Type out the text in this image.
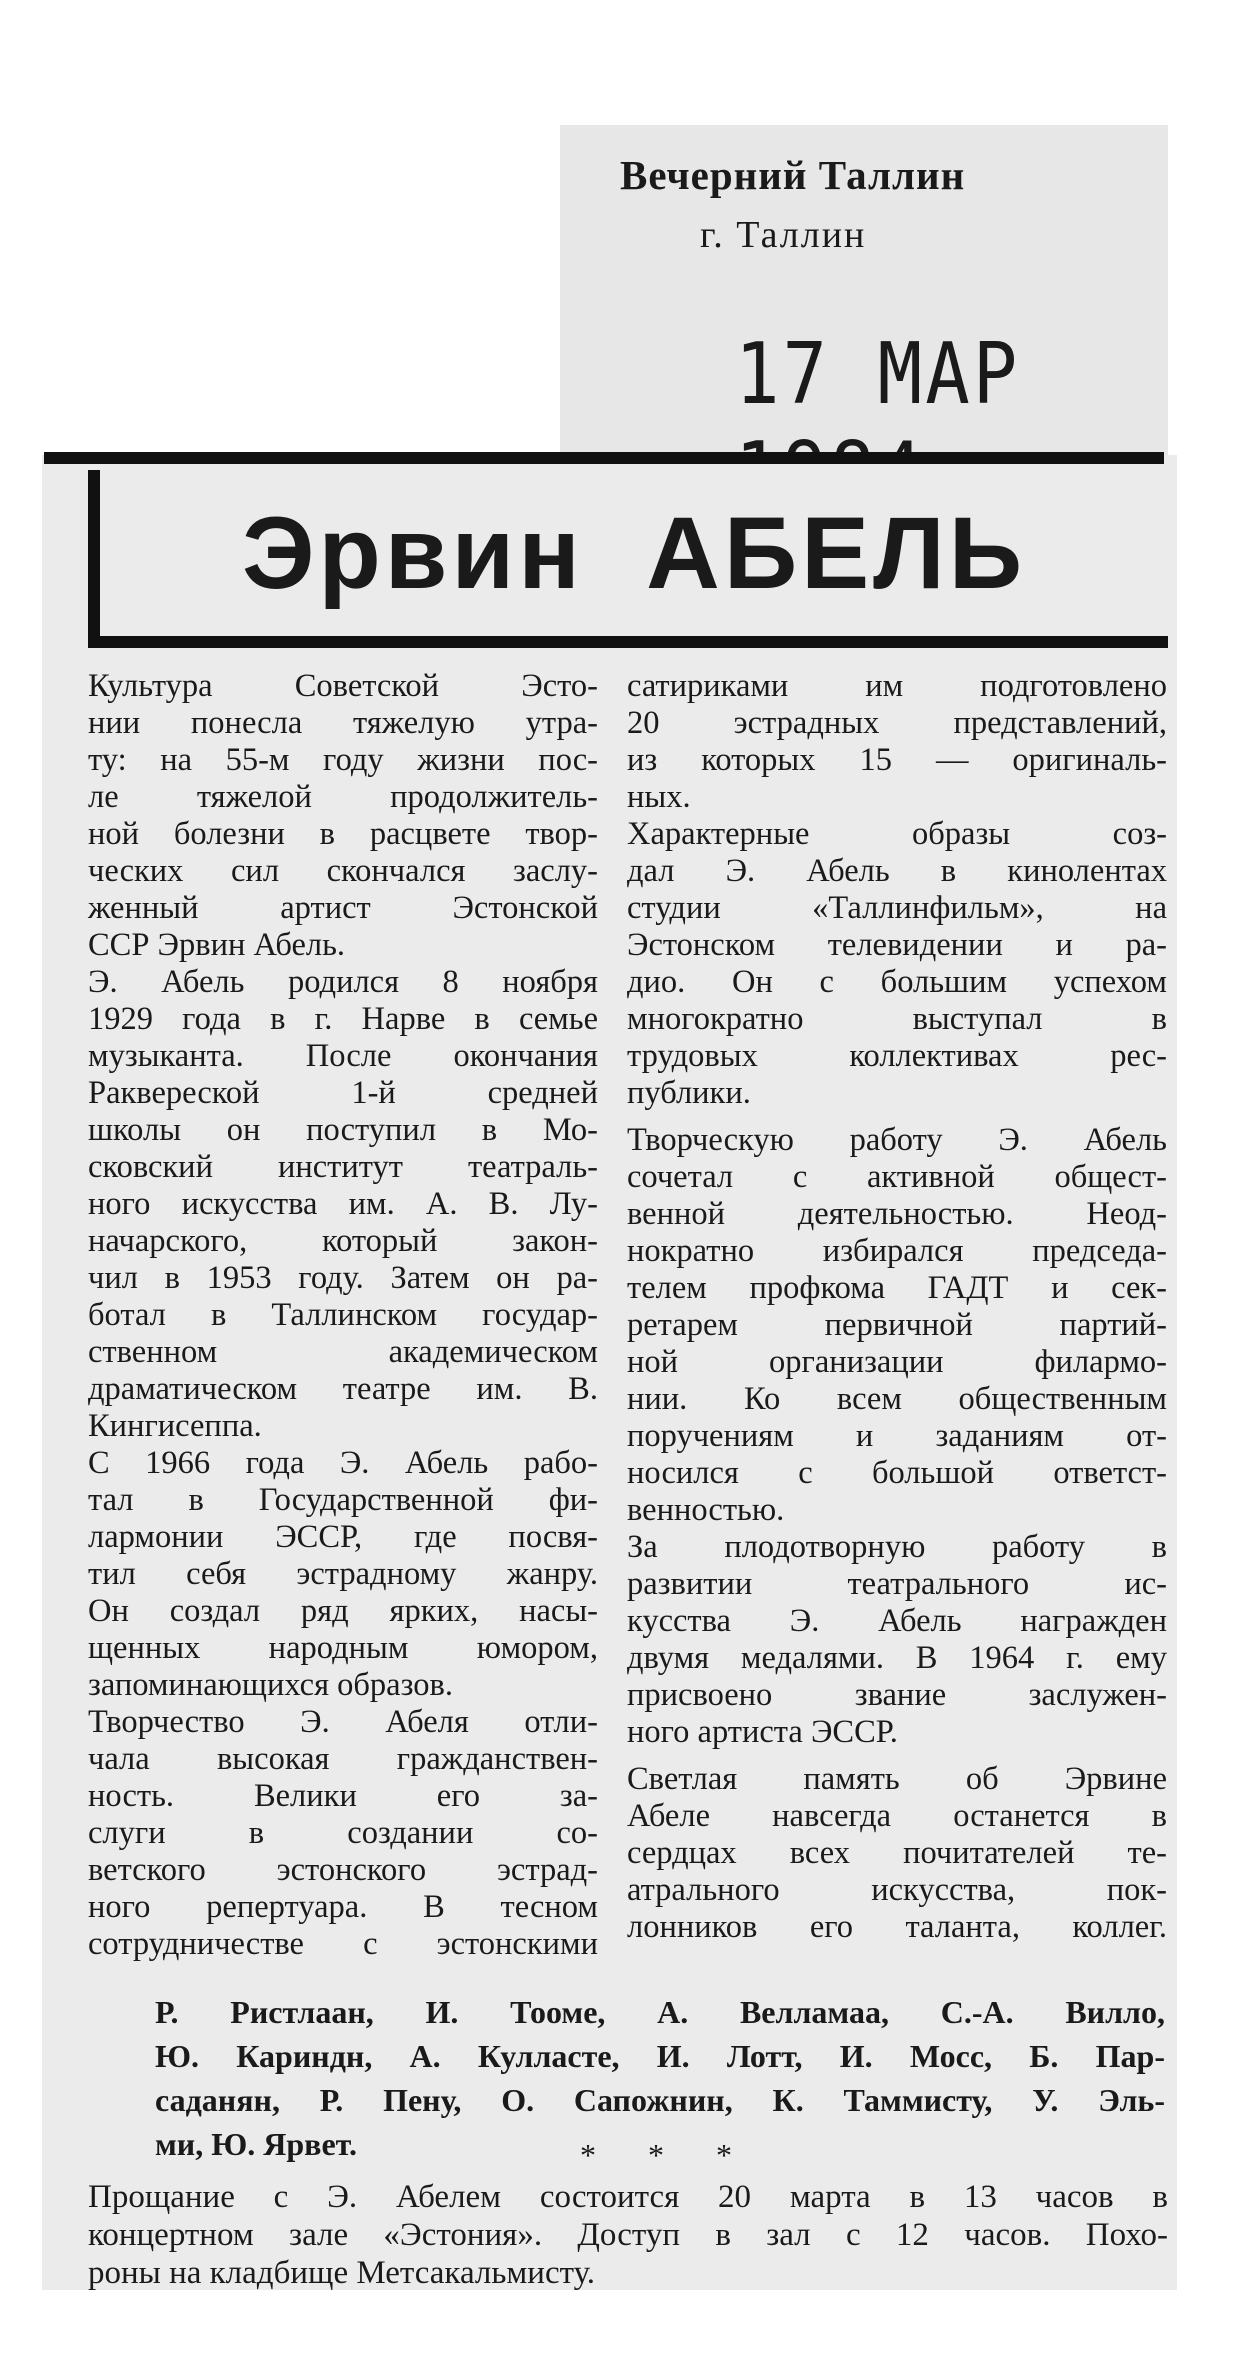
Вечерний Таллин
г. Таллин
17 МАР
Эрвин АБЕЛЬ
Культура Советской Эсто-
нии понесла тяжелую утра-
ту: на 55-м году жизни пос-
ле тяжелой продолжитель-
ной болезни в расцвете твор-
ческих сил скончался заслу-
женный артист Эстонской
ССР Эрвин Абель.
Э. Абель родился 8 ноября
1929 года в г. Нарве в семье
музыканта. После окончания
Раквереской 1-й средней
школы он поступил в Мо-
сковский институт театраль-
ного искусства им. А. В. Лу-
начарского, который закон-
чил в 1953 году. Затем он ра-
ботал в Таллинском государ-
ственном академическом
драматическом театре им. В.
Кингисеппа.
С 1966 года Э. Абель рабо-
тал в Государственной фи-
лармонии ЭССР, где посвя-
тил себя эстрадному жанру.
Он создал ряд ярких, насы-
щенных народным юмором,
запоминающихся образов.
Творчество Э. Абеля отли-
чала высокая гражданствен-
ность. Велики его за-
слуги в создании со-
ветского эстонского эстрад-
ного репертуара. В тесном
сотрудничестве с эстонскими
сатириками им подготовлено
20 эстрадных представлений,
из которых 15 — оригиналь-
ных.
Характерные образы соз-
дал Э. Абель в кинолентах
студии «Таллинфильм», на
Эстонском телевидении и ра-
дио. Он с большим успехом
многократно выступал в
трудовых коллективах рес-
публики.
Творческую работу Э. Абель
сочетал с активной общест-
венной деятельностью. Неод-
нократно избирался председа-
телем профкома ГАДТ и сек-
ретарем первичной партий-
ной организации филармо-
нии. Ко всем общественным
поручениям и заданиям от-
носился с большой ответст-
венностью.
За плодотворную работу в
развитии театрального ис-
кусства Э. Абель награжден
двумя медалями. В 1964 г. ему
присвоено звание заслужен-
ного артиста ЭССР.
Светлая память об Эрвине
Абеле навсегда останется в
сердцах всех почитателей те-
атрального искусства, пок-
лонников его таланта, коллег.
Р. Ристлаан, И. Тооме, А. Велламаа, С.-А. Вилло,
Ю. Кариндн, А. Кулласте, И. Лотт, И. Мосс, Б. Пар-
саданян, Р. Пену, О. Сапожнин, К. Таммисту, У. Эль-
ми, Ю. Ярвет.	* * *
Прощание с Э. Абелем состоится 20 марта в 13 часов в
концертном зале «Эстония». Доступ в зал с 12 часов. Похо-
роны на кладбище Метсакальмисту.
